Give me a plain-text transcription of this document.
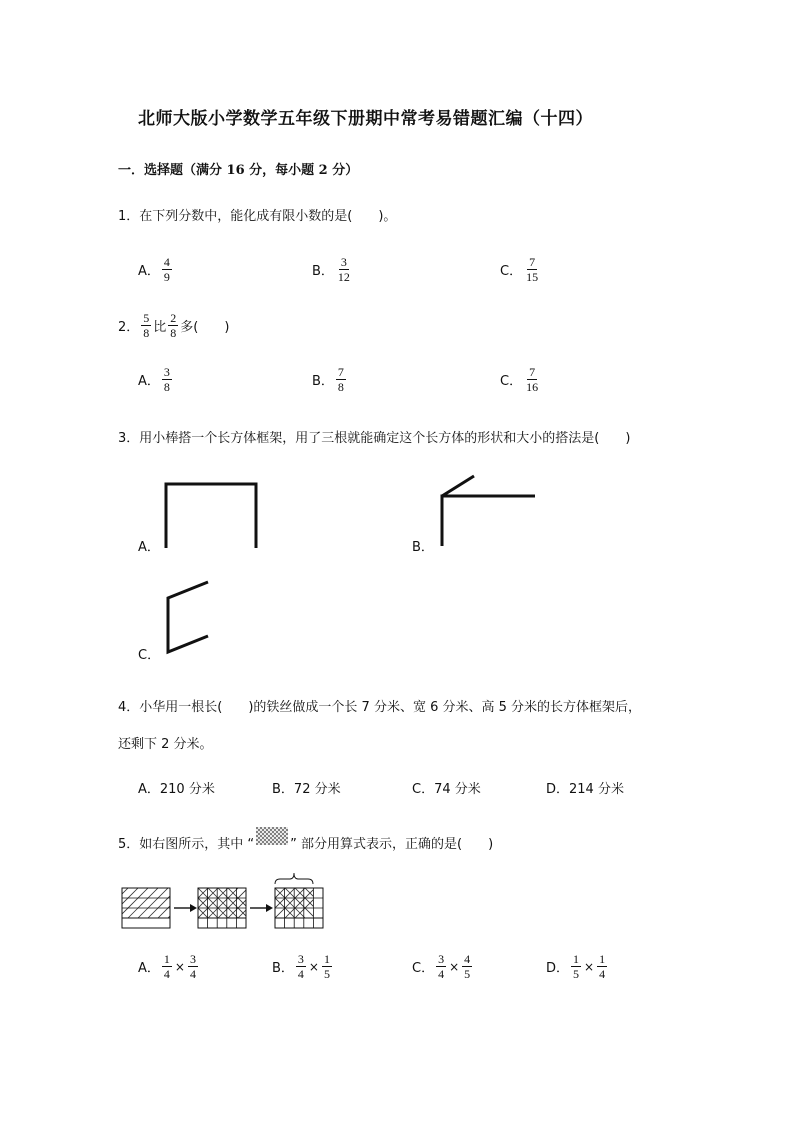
北师大版小学数学五年级下册期中常考易错题汇编（十四）
一．选择题（满分 16 分，每小题 2 分）
1．在下列分数中，能化成有限小数的是(　　)。
A． $\frac{4}{9}$	B． $\frac{3}{12}$	C． $\frac{7}{15}$
2． $\frac{5}{8}$ 比 $\frac{2}{8}$ 多(　　)
A． $\frac{3}{8}$	B． $\frac{7}{8}$	C． $\frac{7}{16}$
3．用小棒搭一个长方体框架，用了三根就能确定这个长方体的形状和大小的搭法是(　　)
A．	B．
C．
4．小华用一根长(　　)的铁丝做成一个长 7 分米、宽 6 分米、高 5 分米的长方体框架后，
还剩下 2 分米。
A．210 分米	B．72 分米	C．74 分米	D．214 分米
5．如右图所示，其中 “	” 部分用算式表示，正确的是(　　)
A． $\frac{1}{4} \times \frac{3}{4}$	B． $\frac{3}{4} \times \frac{1}{5}$	C． $\frac{3}{4} \times \frac{4}{5}$	D． $\frac{1}{5} \times \frac{1}{4}$
